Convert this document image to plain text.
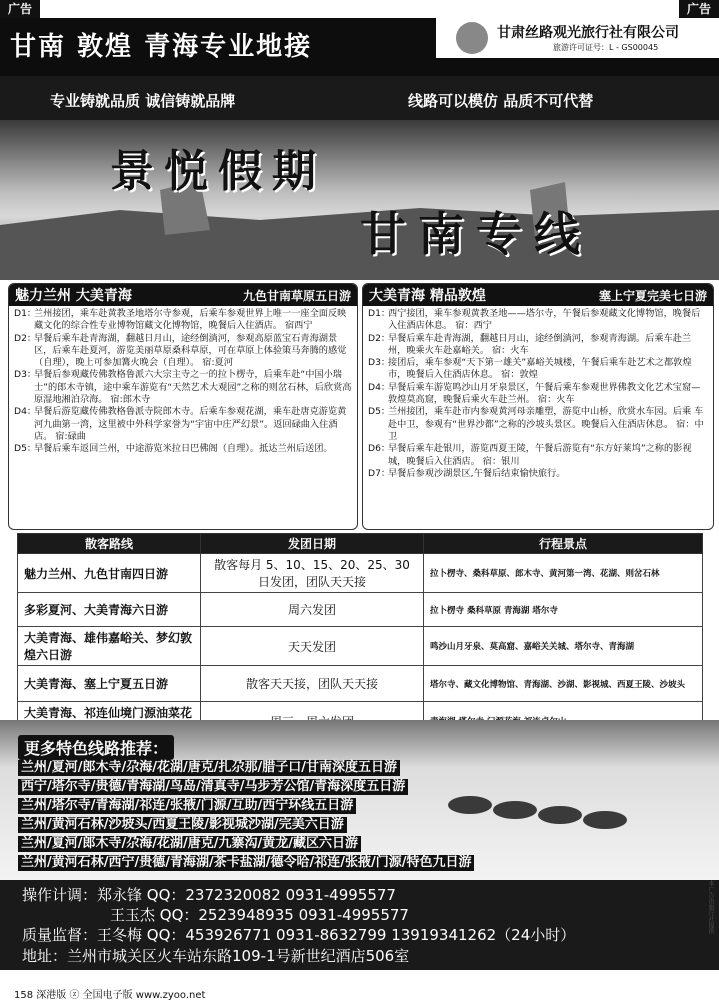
广告	广告
甘南 敦煌 青海专业地接	甘肃丝路观光旅行社有限公司
旅游许可证号：L - GS00045
专业铸就品质 诚信铸就品牌	线路可以模仿 品质不可代替
景悦假期
甘南专线
魅力兰州 大美青海	九色甘南草原五日游
D1：
兰州接团，乘车赴黄教圣地塔尔寺参观，后乘车参观世界上唯一一座全面反映藏文化的综合性专业博物馆藏文化博物馆，晚餐后入住酒店。 宿西宁
D2：
早餐后乘车赴青海湖，翻越日月山，途经倒淌河，参观高原蓝宝石青海湖景区，后乘车赴夏河，游览美丽草原桑科草原，可在草原上体验策马奔腾的感觉（自理），晚上可参加篝火晚会（自理）。 宿:夏河
D3：
早餐后参观藏传佛教格鲁派六大宗主寺之一的拉卜楞寺，后乘车赴“中国小瑞士”的郎木寺镇，途中乘车游览有“天然艺术大观园”之称的则岔石林，后欣赏高原湿地湘泊尕海。 宿:郎木寺
D4：
早餐后游览藏传佛教格鲁派寺院郎木寺。后乘车参观花湖，乘车赴唐克游览黄河九曲第一湾，这里被中外科学家誉为“宇宙中庄严幻景”。返回碌曲入住酒店。 宿:碌曲
D5：
早餐后乘车返回兰州，中途游览米拉日巴佛阁（自理）。抵达兰州后送团。
大美青海 精品敦煌	塞上宁夏完美七日游
D1：
西宁接团，乘车参观黄教圣地——塔尔寺，午餐后参观藏文化博物馆，晚餐后入住酒店休息。 宿：西宁
D2：
早餐后乘车赴青海湖，翻越日月山，途经倒淌河，参观青海湖。后乘车赴兰州，晚乘火车赴嘉峪关。 宿：火车
D3：
接团后，乘车参观“天下第一雄关”嘉峪关城楼，午餐后乘车赴艺术之都敦煌市，晚餐后入住酒店休息。 宿：敦煌
D4：
早餐后乘车游览鸣沙山月牙泉景区，午餐后乘车参观世界佛教文化艺术宝窟—敦煌莫高窟，晚餐后乘火车赴兰州。 宿：火车
D5：
兰州接团，乘车赴市内参观黄河母亲雕塑，游览中山桥，欣赏水车园。后乘 车赴中卫，参观有“世界沙都”之称的沙坡头景区。晚餐后入住酒店休息。 宿：中卫
D6：
早餐后乘车赴银川，游览西夏王陵，午餐后游览有“东方好莱坞”之称的影视城，晚餐后入住酒店。 宿：银川
D7：
早餐后参观沙湖景区,午餐后结束愉快旅行。
散客路线	发团日期	行程景点
魅力兰州、九色甘南四日游	散客每月 5、10、15、20、25、30 日发团，团队天天接	拉卜楞寺、桑科草原、郎木寺、黄河第一湾、花湖、则岔石林
多彩夏河、大美青海六日游	周六发团	拉卜楞寺 桑科草原 青海湖 塔尔寺
大美青海、雄伟嘉峪关、梦幻敦煌六日游	天天发团	鸣沙山月牙泉、莫高窟、嘉峪关关城、塔尔寺、青海湖
大美青海、塞上宁夏五日游	散客天天接，团队天天接	塔尔寺、藏文化博物馆、青海湖、沙湖、影视城、西夏王陵、沙坡头
大美青海、祁连仙境门源油菜花		
更多特色线路推荐：
兰州/夏河/郎木寺/尕海/花湖/唐克/扎尕那/腊子口/甘南深度五日游
西宁/塔尔寺/贵德/青海湖/鸟岛/清真寺/马步芳公馆/青海深度五日游
兰州/塔尔寺/青海湖/祁连/张掖/门源/互助/西宁环线五日游
兰州/黄河石林/沙坡头/西夏王陵/影视城沙湖/完美六日游
兰州/夏河/郎木寺/尕海/花湖/唐克/九寨沟/黄龙/藏区六日游
兰州/黄河石林/西宁/贵德/青海湖/茶卡盐湖/德令哈/祁连/张掖/门源/特色九日游
操作计调：郑永锋 QQ：2372320082 0931-4995577
王玉杰 QQ：2523948935 0931-4995577
质量监督：王冬梅 QQ：453926771 0931-8632799 13919341262（24小时）
地址：兰州市城关区火车站东路109-1号新世纪酒店506室
158 深港版 ⓩ 全国电子版 www.zyoo.net
本广告由旅行社提供
